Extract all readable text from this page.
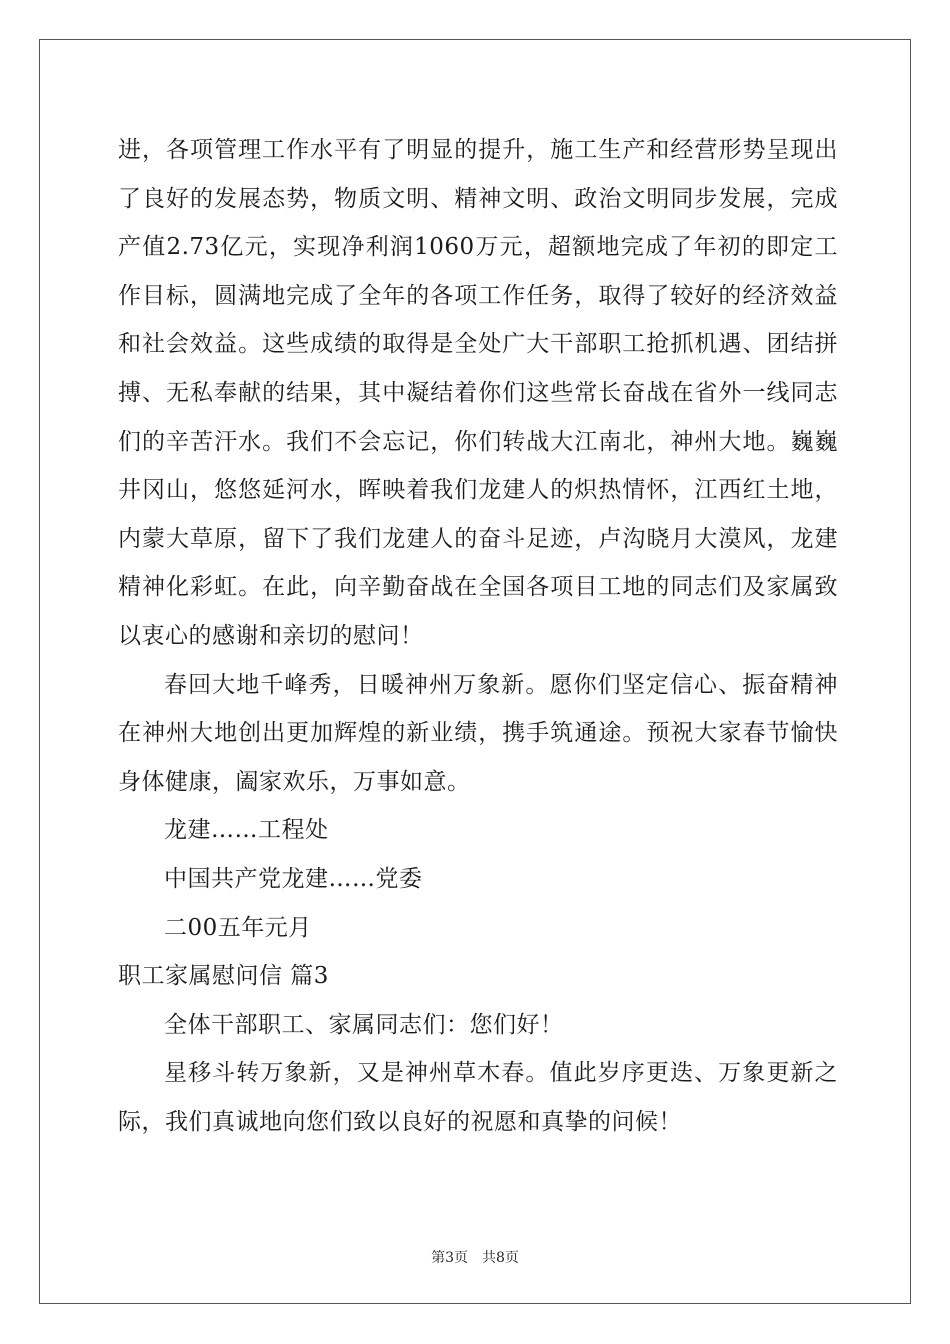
进，各项管理工作水平有了明显的提升，施工生产和经营形势呈现出了良好的发展态势，物质文明、精神文明、政治文明同步发展，完成产值2.73亿元，实现净利润1060万元，超额地完成了年初的即定工作目标，圆满地完成了全年的各项工作任务，取得了较好的经济效益和社会效益。这些成绩的取得是全处广大干部职工抢抓机遇、团结拼搏、无私奉献的结果，其中凝结着你们这些常长奋战在省外一线同志们的辛苦汗水。我们不会忘记，你们转战大江南北，神州大地。巍巍井冈山，悠悠延河水，晖映着我们龙建人的炽热情怀，江西红土地，内蒙大草原，留下了我们龙建人的奋斗足迹，卢沟晓月大漠风，龙建精神化彩虹。在此，向辛勤奋战在全国各项目工地的同志们及家属致以衷心的感谢和亲切的慰问！

春回大地千峰秀，日暖神州万象新。愿你们坚定信心、振奋精神在神州大地创出更加辉煌的新业绩，携手筑通途。预祝大家春节愉快身体健康，阖家欢乐，万事如意。

龙建……工程处

中国共产党龙建……党委

二00五年元月

职工家属慰问信 篇3

全体干部职工、家属同志们：您们好！

星移斗转万象新，又是神州草木春。值此岁序更迭、万象更新之际，我们真诚地向您们致以良好的祝愿和真挚的问候！

第3页 共8页
